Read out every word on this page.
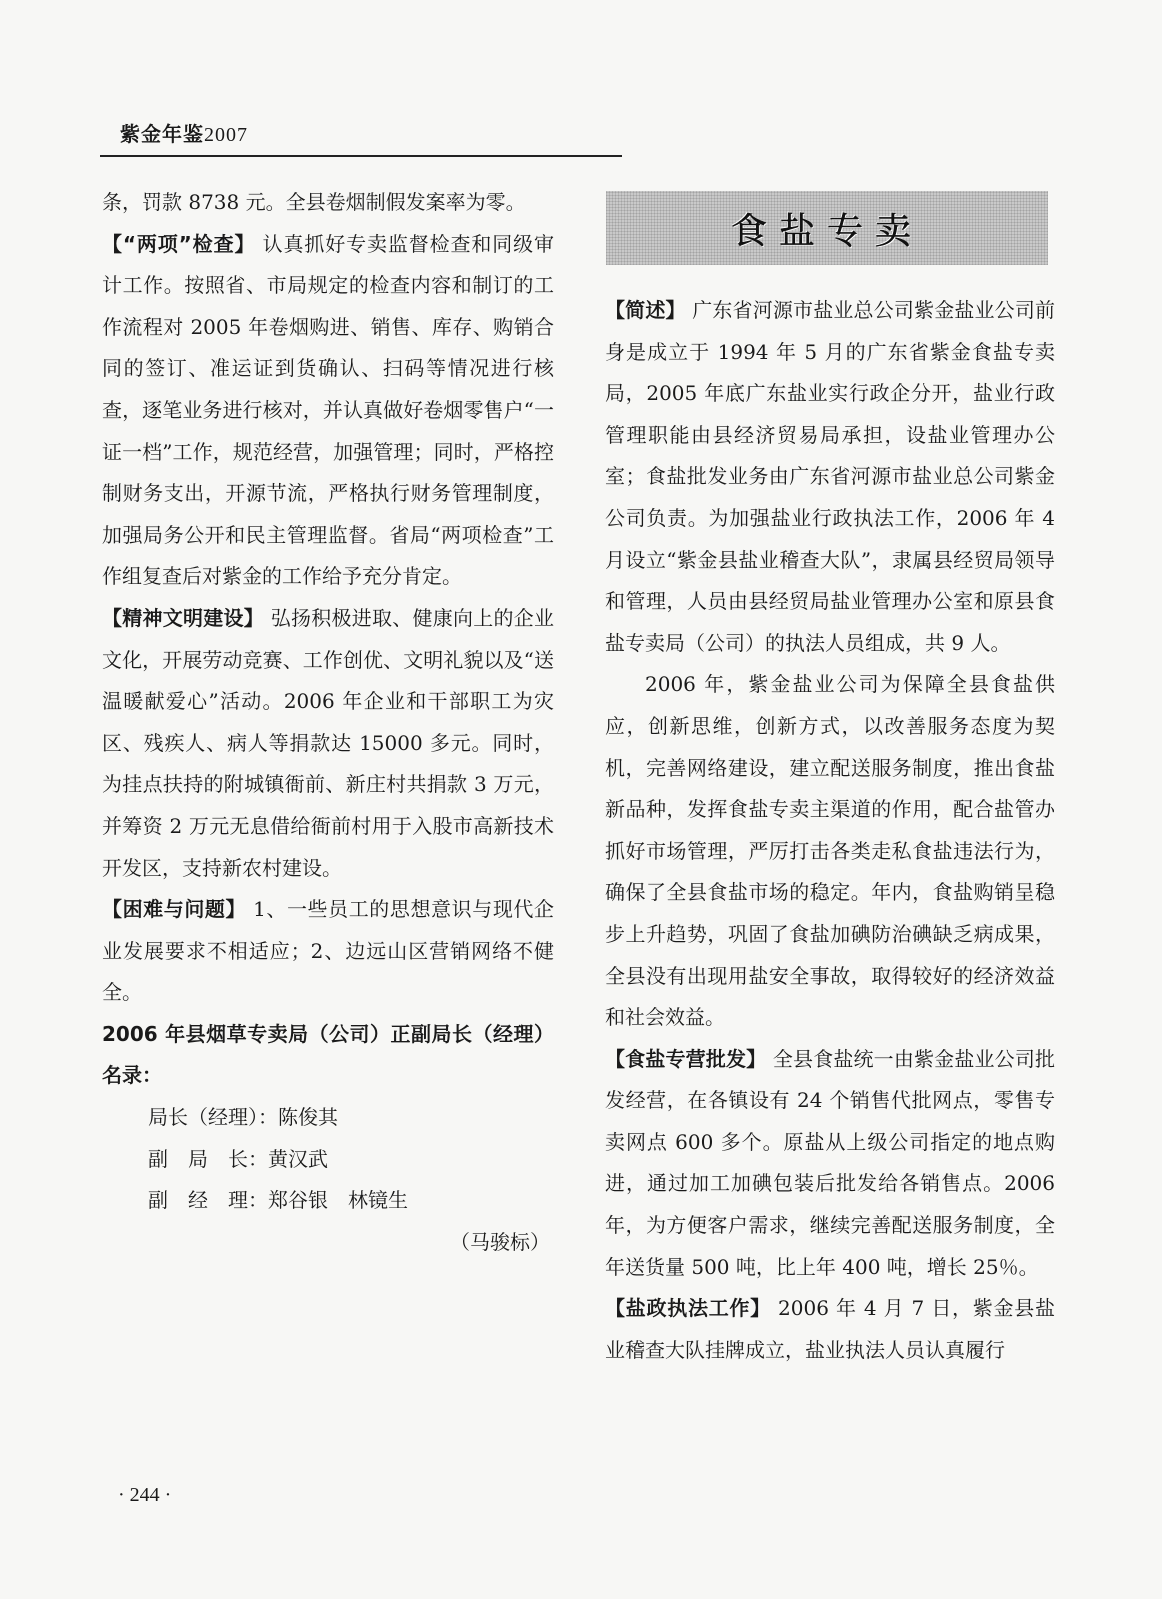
紫金年鉴2007

条，罚款 8738 元。全县卷烟制假发案率为零。

【“两项”检查】 认真抓好专卖监督检查和同级审计工作。按照省、市局规定的检查内容和制订的工作流程对 2005 年卷烟购进、销售、库存、购销合同的签订、准运证到货确认、扫码等情况进行核查，逐笔业务进行核对，并认真做好卷烟零售户“一证一档”工作，规范经营，加强管理；同时，严格控制财务支出，开源节流，严格执行财务管理制度，加强局务公开和民主管理监督。省局“两项检查”工作组复查后对紫金的工作给予充分肯定。

【精神文明建设】 弘扬积极进取、健康向上的企业文化，开展劳动竞赛、工作创优、文明礼貌以及“送温暖献爱心”活动。2006 年企业和干部职工为灾区、残疾人、病人等捐款达 15000 多元。同时，为挂点扶持的附城镇衙前、新庄村共捐款 3 万元，并筹资 2 万元无息借给衙前村用于入股市高新技术开发区，支持新农村建设。

【困难与问题】 1、一些员工的思想意识与现代企业发展要求不相适应；2、边远山区营销网络不健全。

2006 年县烟草专卖局（公司）正副局长（经理）名录：

局长（经理）：陈俊其

副　局　长：黄汉武

副　经　理：郑谷银　林镜生

（马骏标）

食盐专卖

【简述】 广东省河源市盐业总公司紫金盐业公司前身是成立于 1994 年 5 月的广东省紫金食盐专卖局，2005 年底广东盐业实行政企分开，盐业行政管理职能由县经济贸易局承担，设盐业管理办公室；食盐批发业务由广东省河源市盐业总公司紫金公司负责。为加强盐业行政执法工作，2006 年 4 月设立“紫金县盐业稽查大队”，隶属县经贸局领导和管理，人员由县经贸局盐业管理办公室和原县食盐专卖局（公司）的执法人员组成，共 9 人。

2006 年，紫金盐业公司为保障全县食盐供应，创新思维，创新方式，以改善服务态度为契机，完善网络建设，建立配送服务制度，推出食盐新品种，发挥食盐专卖主渠道的作用，配合盐管办抓好市场管理，严厉打击各类走私食盐违法行为，确保了全县食盐市场的稳定。年内，食盐购销呈稳步上升趋势，巩固了食盐加碘防治碘缺乏病成果，全县没有出现用盐安全事故，取得较好的经济效益和社会效益。

【食盐专营批发】 全县食盐统一由紫金盐业公司批发经营，在各镇设有 24 个销售代批网点，零售专卖网点 600 多个。原盐从上级公司指定的地点购进，通过加工加碘包装后批发给各销售点。2006 年，为方便客户需求，继续完善配送服务制度，全年送货量 500 吨，比上年 400 吨，增长 25％。

【盐政执法工作】 2006 年 4 月 7 日，紫金县盐业稽查大队挂牌成立，盐业执法人员认真履行

· 244 ·
